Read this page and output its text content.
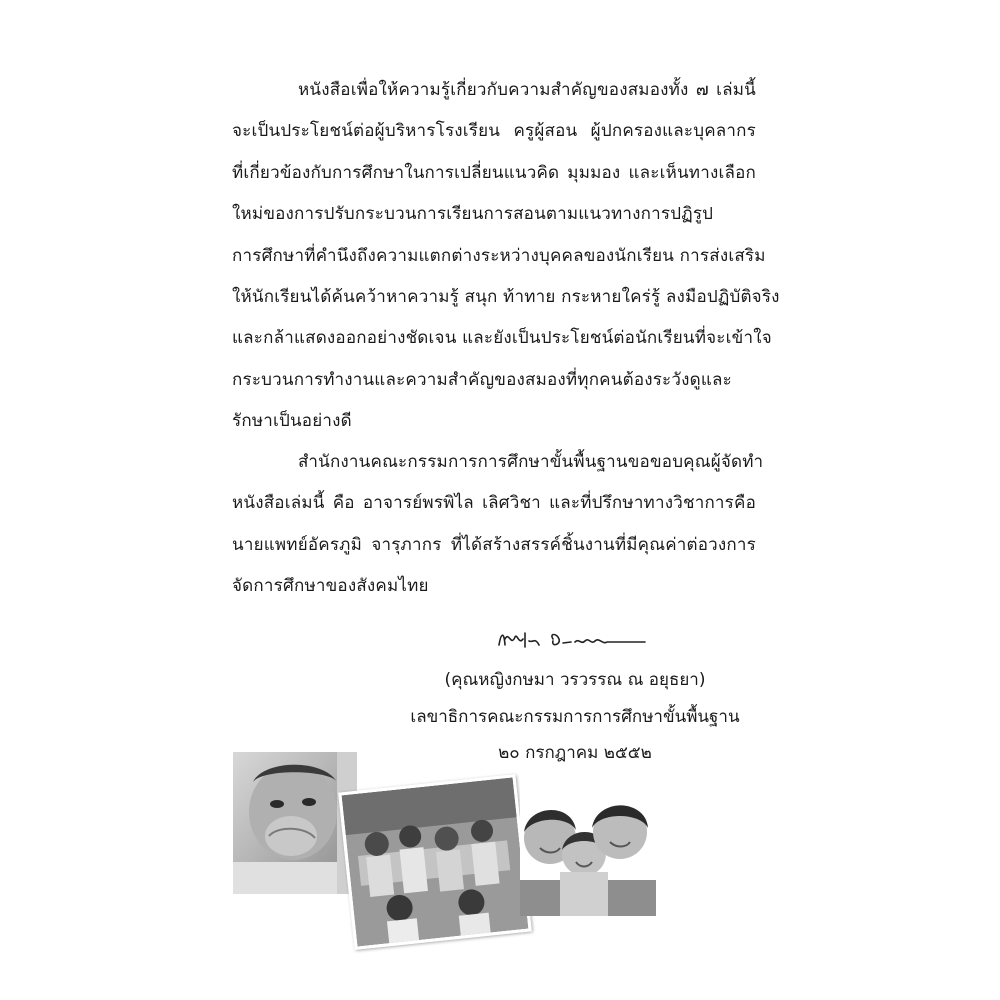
หนังสือเพื่อให้ความรู้เกี่ยวกับความสำคัญของสมองทั้ง ๗ เล่มนี้
จะเป็นประโยชน์ต่อผู้บริหารโรงเรียน ครูผู้สอน ผู้ปกครองและบุคลากร
ที่เกี่ยวข้องกับการศึกษาในการเปลี่ยนแนวคิด มุมมอง และเห็นทางเลือก
ใหม่ของการปรับกระบวนการเรียนการสอนตามแนวทางการปฏิรูป
การศึกษาที่คำนึงถึงความแตกต่างระหว่างบุคคลของนักเรียน การส่งเสริม
ให้นักเรียนได้ค้นคว้าหาความรู้ สนุก ท้าทาย กระหายใคร่รู้ ลงมือปฏิบัติจริง
และกล้าแสดงออกอย่างชัดเจน และยังเป็นประโยชน์ต่อนักเรียนที่จะเข้าใจ
กระบวนการทำงานและความสำคัญของสมองที่ทุกคนต้องระวังดูและ
รักษาเป็นอย่างดี
สำนักงานคณะกรรมการการศึกษาขั้นพื้นฐานขอขอบคุณผู้จัดทำ
หนังสือเล่มนี้ คือ อาจารย์พรพิไล เลิศวิชา และที่ปรึกษาทางวิชาการคือ
นายแพทย์อัครภูมิ จารุภากร ที่ได้สร้างสรรค์ชิ้นงานที่มีคุณค่าต่อวงการ
จัดการศึกษาของสังคมไทย
(คุณหญิงกษมา วรวรรณ ณ อยุธยา)
เลขาธิการคณะกรรมการการศึกษาขั้นพื้นฐาน
๒๐ กรกฎาคม ๒๕๕๒
